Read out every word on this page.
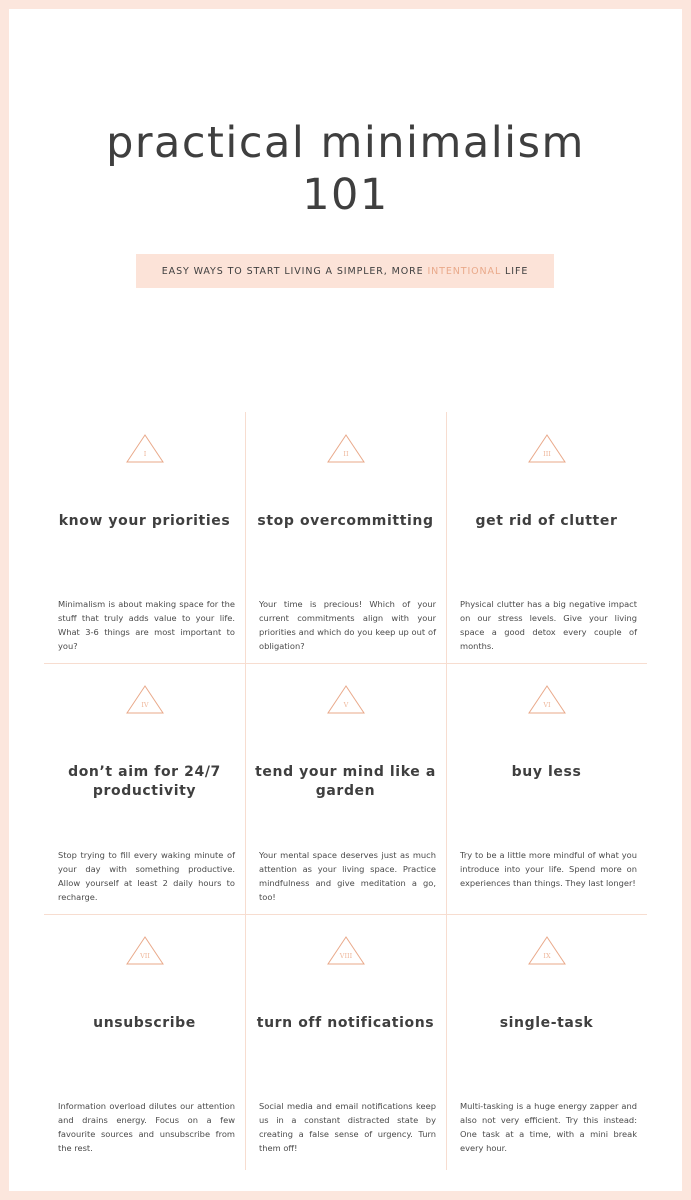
practical minimalism
101
EASY WAYS TO START LIVING A SIMPLER, MORE INTENTIONAL LIFE
I
know your priorities
Minimalism is about making space for the stuff that truly adds value to your life. What 3-6 things are most important to you?
II
stop overcommitting
Your time is precious! Which of your current commitments align with your priorities and which do you keep up out of obligation?
III
get rid of clutter
Physical clutter has a big negative impact on our stress levels. Give your living space a good detox every couple of months.
IV
don’t aim for 24/7 productivity
Stop trying to fill every waking minute of your day with something productive. Allow yourself at least 2 daily hours to recharge.
V
tend your mind like a garden
Your mental space deserves just as much attention as your living space. Practice mindfulness and give meditation a go, too!
VI
buy less
Try to be a little more mindful of what you introduce into your life. Spend more on experiences than things. They last longer!
VII
unsubscribe
Information overload dilutes our attention and drains energy. Focus on a few favourite sources and unsubscribe from the rest.
VIII
turn off notifications
Social media and email notifications keep us in a constant distracted state by creating a false sense of urgency. Turn them off!
IX
single-task
Multi-tasking is a huge energy zapper and also not very efficient. Try this instead: One task at a time, with a mini break every hour.
